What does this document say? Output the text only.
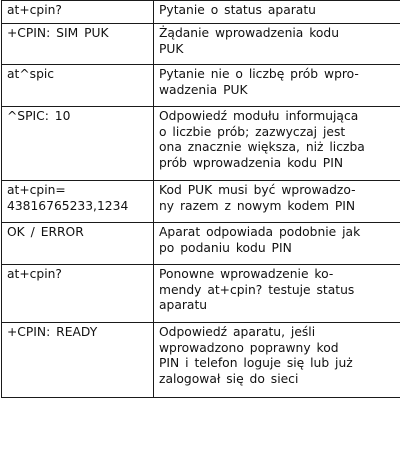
at+cpin?	Pytanie o status aparatu

+CPIN: SIM PUK	Żądanie wprowadzenia kodu
PUK

at^spic	Pytanie nie o liczbę prób wpro-
wadzenia PUK

^SPIC: 10	Odpowiedź modułu informująca
o liczbie prób; zazwyczaj jest
ona znacznie większa, niż liczba
prób wprowadzenia kodu PIN

at+cpin=
43816765233,1234	Kod PUK musi być wprowadzo-
ny razem z nowym kodem PIN

OK / ERROR	Aparat odpowiada podobnie jak
po podaniu kodu PIN

at+cpin?	Ponowne wprowadzenie ko-
mendy at+cpin? testuje status
aparatu

+CPIN: READY	Odpowiedź aparatu, jeśli
wprowadzono poprawny kod
PIN i telefon loguje się lub już
zalogował się do sieci
